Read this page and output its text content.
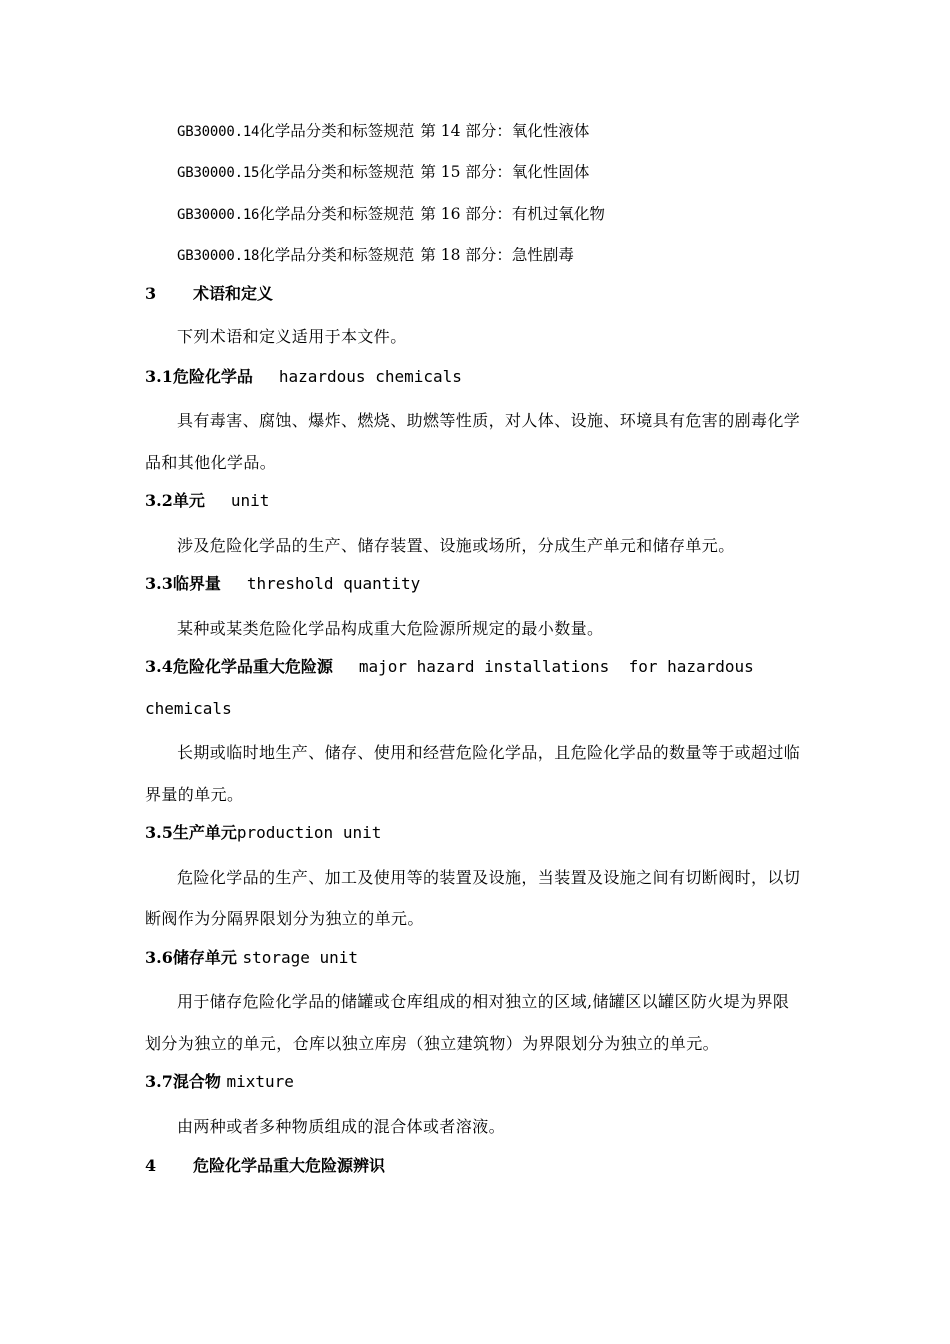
GB30000.14化学品分类和标签规范 第 14 部分：氧化性液体
GB30000.15化学品分类和标签规范 第 15 部分：氧化性固体
GB30000.16化学品分类和标签规范 第 16 部分：有机过氧化物
GB30000.18化学品分类和标签规范 第 18 部分：急性剧毒
3 术语和定义
下列术语和定义适用于本文件。
3.1危险化学品 hazardous chemicals
具有毒害、腐蚀、爆炸、燃烧、助燃等性质，对人体、设施、环境具有危害的剧毒化学
品和其他化学品。
3.2单元 unit
涉及危险化学品的生产、储存装置、设施或场所，分成生产单元和储存单元。
3.3临界量 threshold quantity
某种或某类危险化学品构成重大危险源所规定的最小数量。
3.4危险化学品重大危险源 major hazard installations  for hazardous
chemicals
长期或临时地生产、储存、使用和经营危险化学品，且危险化学品的数量等于或超过临
界量的单元。
3.5生产单元production unit
危险化学品的生产、加工及使用等的装置及设施，当装置及设施之间有切断阀时，以切
断阀作为分隔界限划分为独立的单元。
3.6储存单元 storage unit
用于储存危险化学品的储罐或仓库组成的相对独立的区域,储罐区以罐区防火堤为界限
划分为独立的单元，仓库以独立库房（独立建筑物）为界限划分为独立的单元。
3.7混合物 mixture
由两种或者多种物质组成的混合体或者溶液。
4 危险化学品重大危险源辨识
